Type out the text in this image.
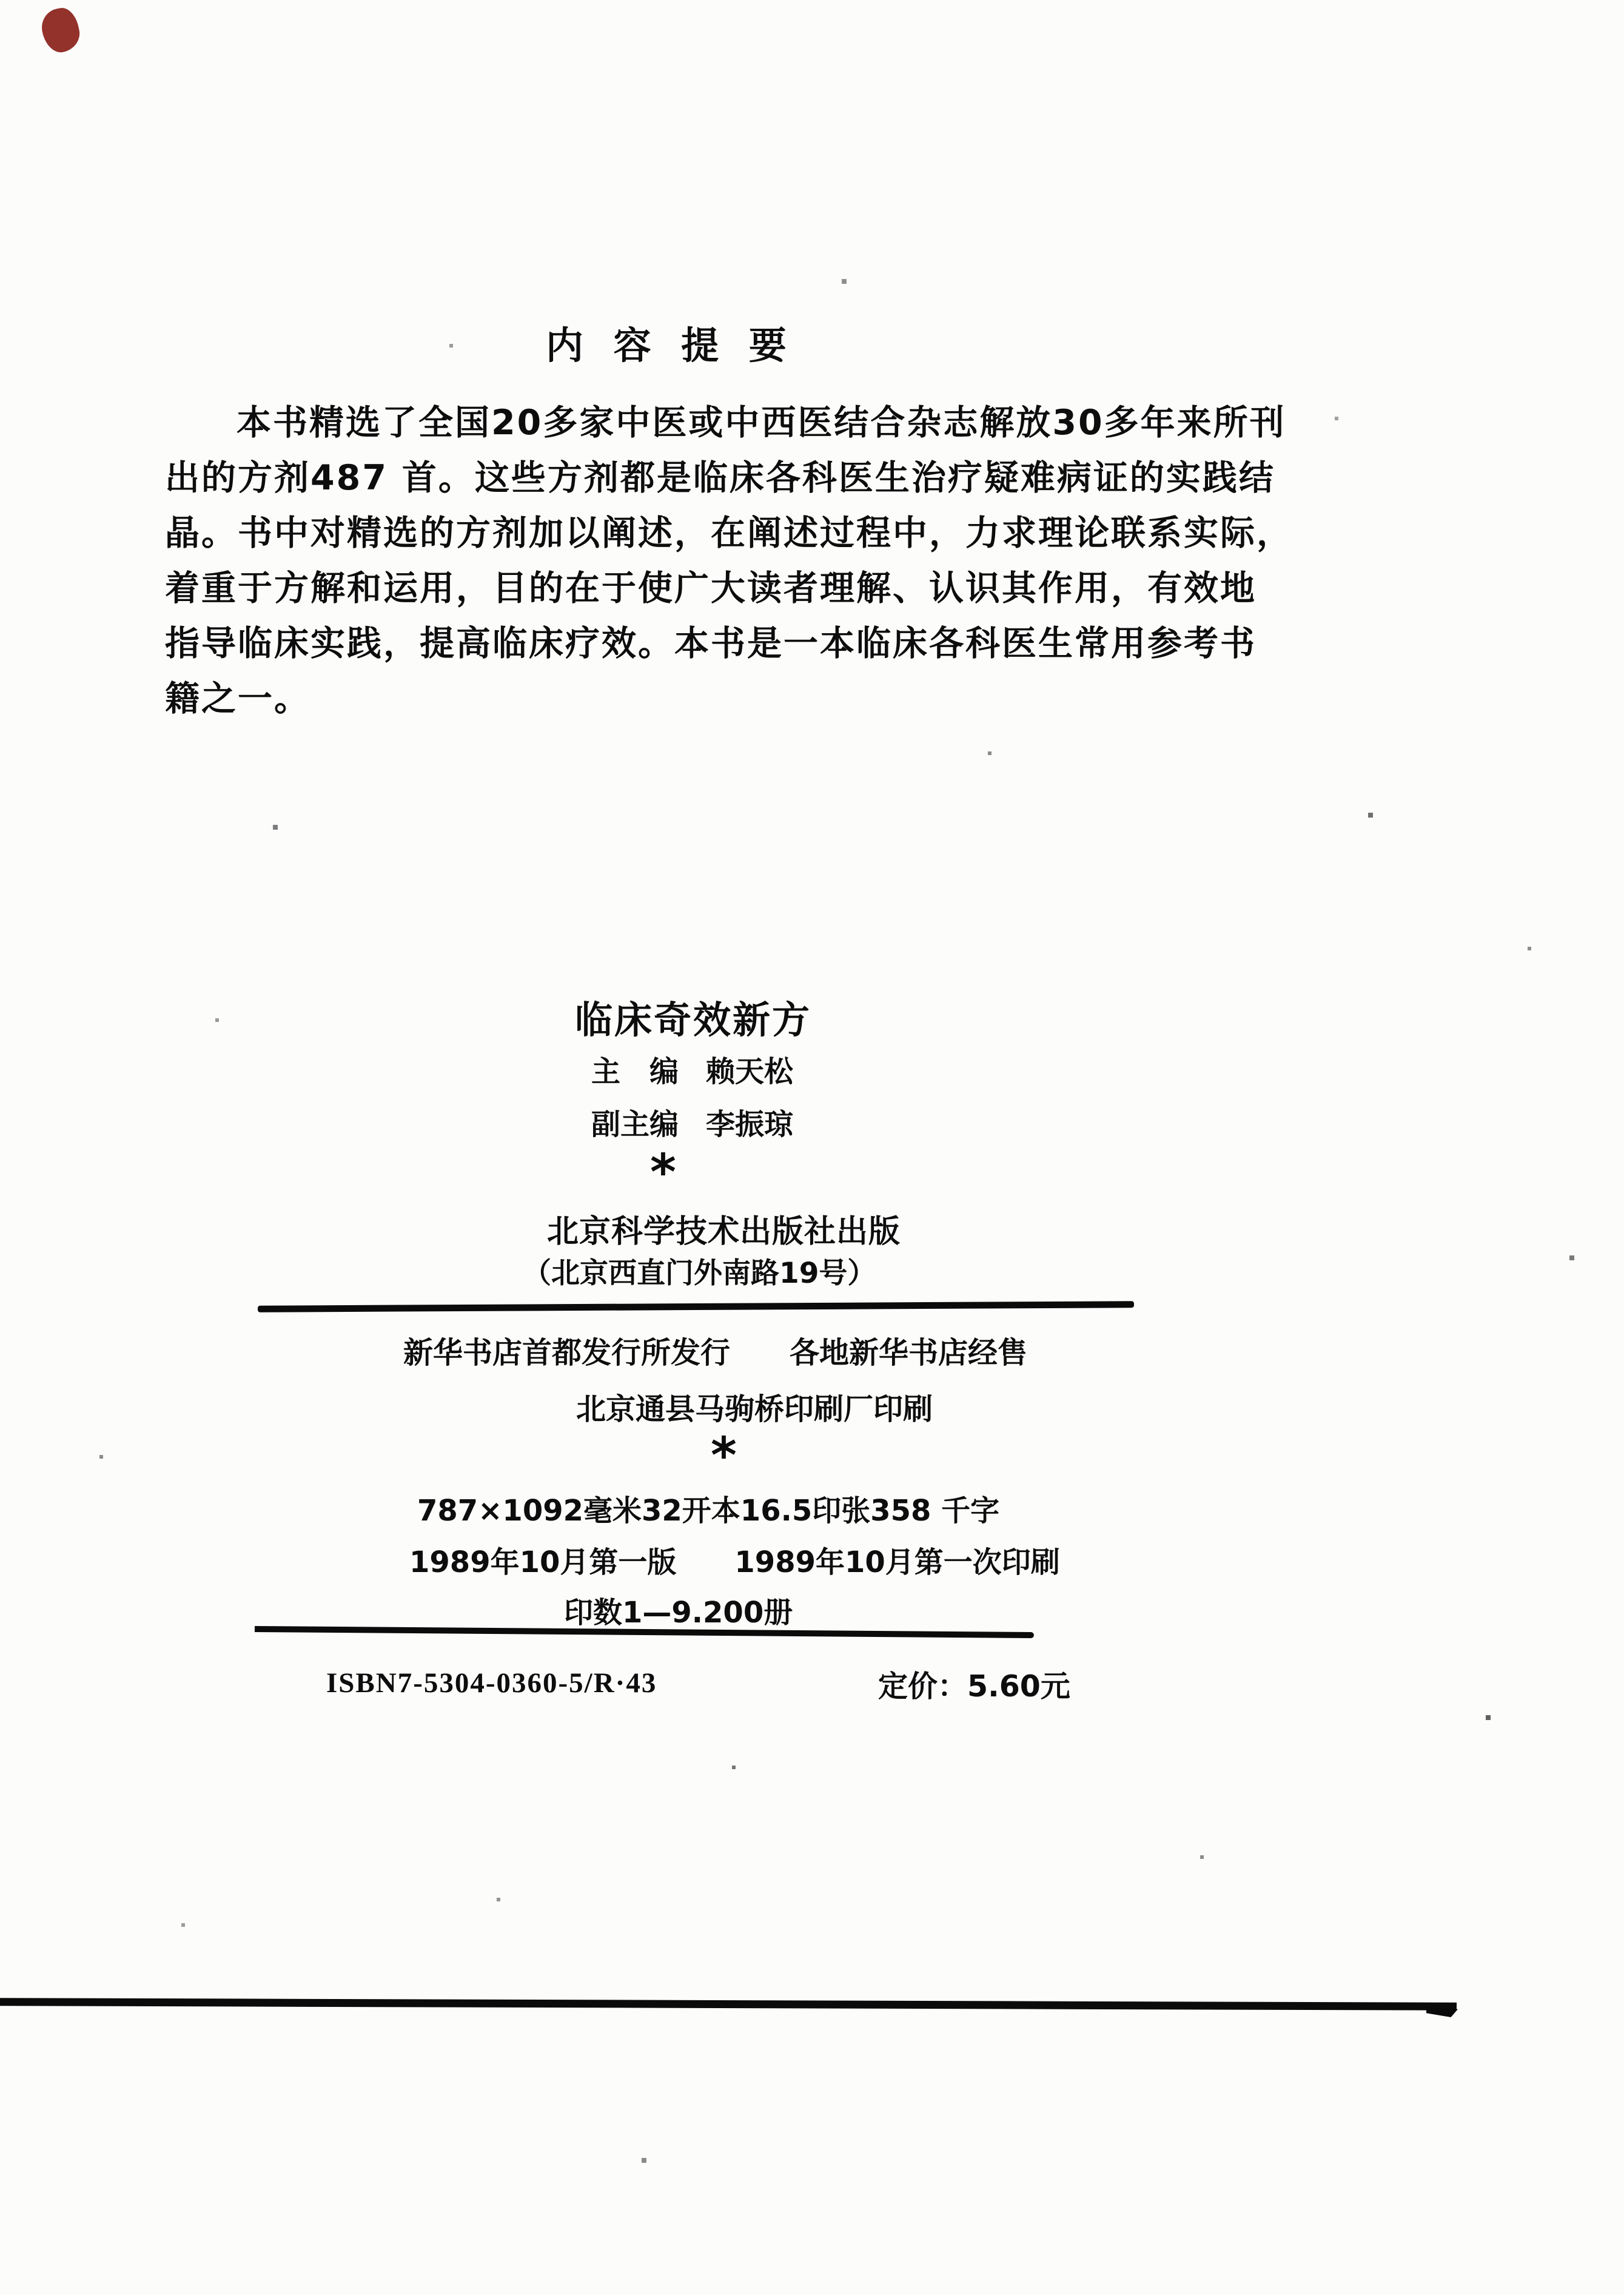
内 容 提 要
本书精选了全国20多家中医或中西医结合杂志解放30多年来所刊
出的方剂487 首。这些方剂都是临床各科医生治疗疑难病证的实践结
晶。书中对精选的方剂加以阐述，在阐述过程中，力求理论联系实际，
着重于方解和运用，目的在于使广大读者理解、认识其作用，有效地
指导临床实践，提高临床疗效。本书是一本临床各科医生常用参考书
籍之一。
临床奇效新方
主　编 赖天松
副主编 李振琼
*
北京科学技术出版社出版
（北京西直门外南路19号）
新华书店首都发行所发行　　各地新华书店经售
北京通县马驹桥印刷厂印刷
*
787×1092毫米32开本16.5印张358 千字
1989年10月第一版　　1989年10月第一次印刷
印数1—9.200册
ISBN7-5304-0360-5/R·43	定价：5.60元
